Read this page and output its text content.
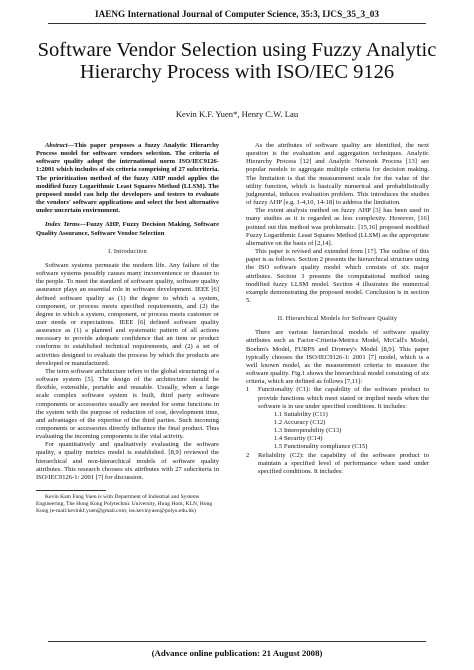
IAENG International Journal of Computer Science, 35:3, IJCS_35_3_03
Software Vendor Selection using Fuzzy Analytic
Hierarchy Process with ISO/IEC 9126
Kevin K.F. Yuen*, Henry C.W. Lau

Abstract—This paper proposes a fuzzy Analytic Hierarchy Process model for software vendors selection. The criteria of software quality adopt the international norm ISO/IEC9126-1:2001 which includes of six criteria comprising of 27 subcriteria. The prioritization method of the fuzzy AHP model applies the modified fuzzy Logarithmic Least Squares Method (LLSM). The proposed model can help the developers and testers to evaluate the vendors' software applications and select the best alternative under uncertain environment.

Index Terms—Fuzzy AHP, Fuzzy Decision Making, Software Quality Assurance, Software Vendor Selection

I. Introduction

Software systems permeate the modern life. Any failure of the software systems possibly causes many inconvenience or disaster to the people. To meet the standard of software quality, software quality assurance plays an essential role in software development. IEEE [6] defined software quality as (1) the degree to which a system, component, or process meets specified requirements, and (2) the degree to which a system, component, or process meets customer or user needs or expectations. IEEE [6] defined software quality assurance as (1) a planned and systematic pattern of all actions necessary to provide adequate confidence that an item or product conforms to established technical requirements, and (2) a set of activities designed to evaluate the process by which the products are developed or manufactured.

The term software architecture refers to the global structuring of a software system [5]. The design of the architecture should be flexible, extensible, portable and reusable. Usually, when a large scale complex software system is built, third party software components or accessories usually are needed for some functions in the system with the purpose of reduction of cost, development time, and advantages of the expertise of the third parties. Such incoming components or accessories directly influence the final product. Thus evaluating the incoming components is the vital activity.

For quantitatively and qualitatively evaluating the software quality, a quality metrics model is established. [8,9] reviewed the hierarchical and non-hierarchical models of software quality attributes. This research chooses six attributes with 27 subcriteria in ISO/IEC9126-1: 2001 [7] for discussion.

Kevin Kam Fung Yuen is with Department of Industrial and Systems Engineering, The Hong Kong Polytechnic University, Hung Hom, KLN, Hong Kong (e-mail:kevinkf.yuen@gmail.com; ise.kevinyuen@polyu.edu.hk)

As the attributes of software quality are identified, the next question is the evaluation and aggregation techniques. Analytic Hierarchy Process [12] and Analytic Network Process [13] are popular models to aggregate multiple criteria for decision making. The limitation is that the measurement scale for the value of the utility function, which is basically numerical and probabilistically judgmental, induces evaluation problem. This introduces the studies of fuzzy AHP [e.g. 1-4,10, 14-18] to address the limitation.

The extent analysis method on fuzzy AHP [3] has been used in many studies as it is regarded as less complexity. However, [16] pointed out this method was problematic. [15,16] proposed modified Fuzzy Logarithmic Least Squares Method (LLSM) as the appropriate alternative on the basis of [2,14].

This paper is revised and extended from [17]. The outline of this paper is as follows. Section 2 presents the hierarchical structure using the ISO software quality model which consists of six major attributes. Section 3 presents the computational method using modified fuzzy LLSM model. Section 4 illustrates the numerical example demonstrating the proposed model. Conclusion is in section 5.

II. Hierarchical Models for Software Quality

There are various hierarchical models of software quality attributes such as Factor-Criteria-Metrics Model, McCall's Model, Boehm's Model, FURPS and Dromey's Model [8,9]. This paper typically chooses the ISO/IEC9126-1: 2001 [7] model, which is a well known model, as the measurement criteria to measure the software quality. Fig.1 shows the hierarchical model consisting of six criteria, which are defined as follows [7,11]:

1 Functionality (C1): the capability of the software product to provide functions which meet stated or implied needs when the software is in use under specified conditions. It includes:

1.1 Suitability (C11)

1.2 Accuracy (C12)

1.3 Interoperability (C13)

1.4 Security (C14)

1.5 Functionality compliance (C15)

2 Reliability (C2): the capability of the software product to maintain a specified level of performance when used under specified conditions. It includes:

(Advance online publication: 21 August 2008)
